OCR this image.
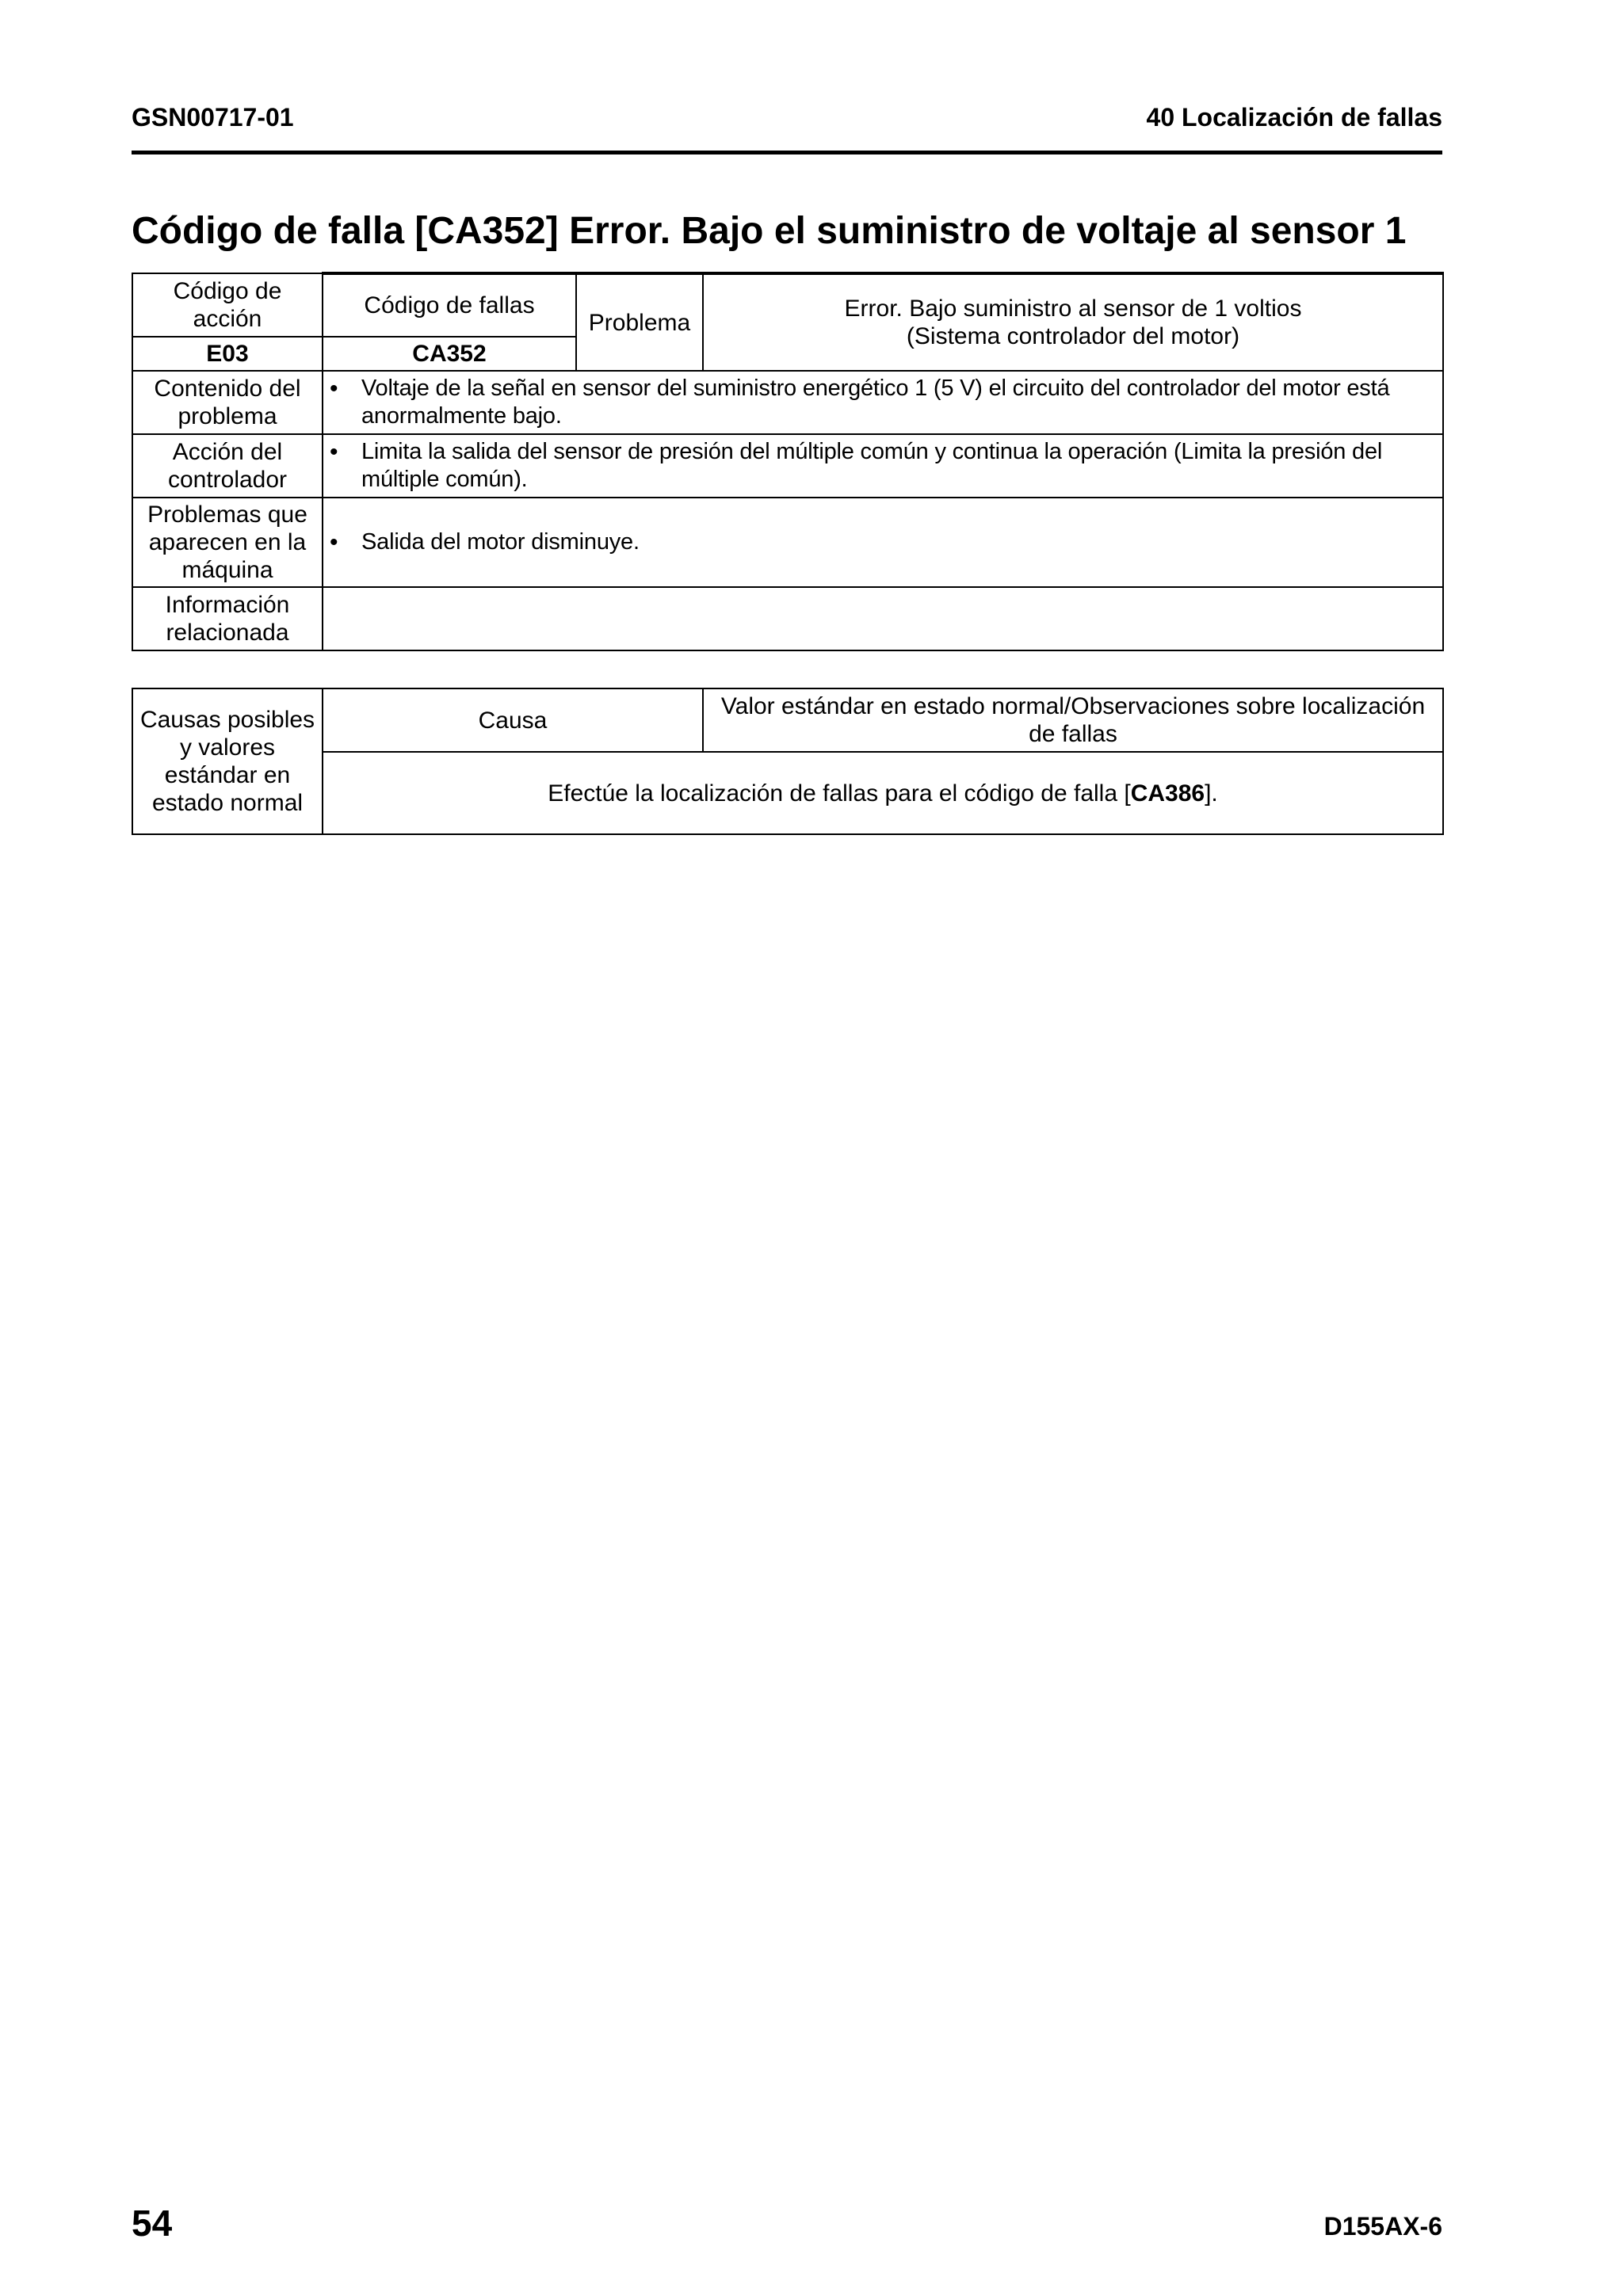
GSN00717-01	40 Localización de fallas
Código de falla [CA352] Error. Bajo el suministro de voltaje al sensor 1
Código de acción	Código de fallas	Problema	Error. Bajo suministro al sensor de 1 voltios
(Sistema controlador del motor)

E03	CA352		
Contenido del problema	• Voltaje de la señal en sensor del suministro energético 1 (5 V) el circuito del controlador del motor está anormalmente bajo.		

Acción del controlador	• Limita la salida del sensor de presión del múltiple común y continua la operación (Limita la presión del múltiple común).		

Problemas que aparecen en la máquina	• Salida del motor disminuye.		

Información relacionada			
Causas posibles y valores estándar en estado normal	Causa	Valor estándar en estado normal/Observaciones sobre localización de fallas
Efectúe la localización de fallas para el código de falla [CA386].
54	D155AX-6
